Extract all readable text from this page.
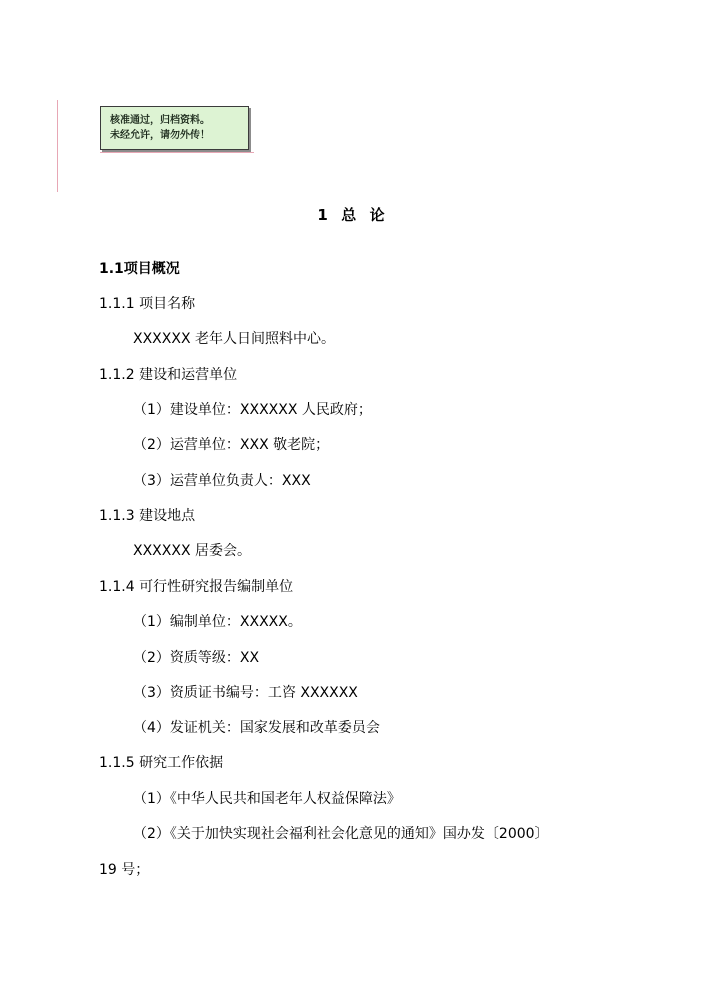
核准通过，归档资料。
未经允许，请勿外传！
1  总  论
1.1项目概况
1.1.1 项目名称
XXXXXX 老年人日间照料中心。
1.1.2 建设和运营单位
（1）建设单位：XXXXXX 人民政府；
（2）运营单位：XXX 敬老院；
（3）运营单位负责人：XXX
1.1.3 建设地点
XXXXXX 居委会。
1.1.4 可行性研究报告编制单位
（1）编制单位：XXXXX。
（2）资质等级：XX
（3）资质证书编号：工咨 XXXXXX
（4）发证机关：国家发展和改革委员会
1.1.5 研究工作依据
（1）《中华人民共和国老年人权益保障法》
（2）《关于加快实现社会福利社会化意见的通知》国办发〔2000〕
19 号；
